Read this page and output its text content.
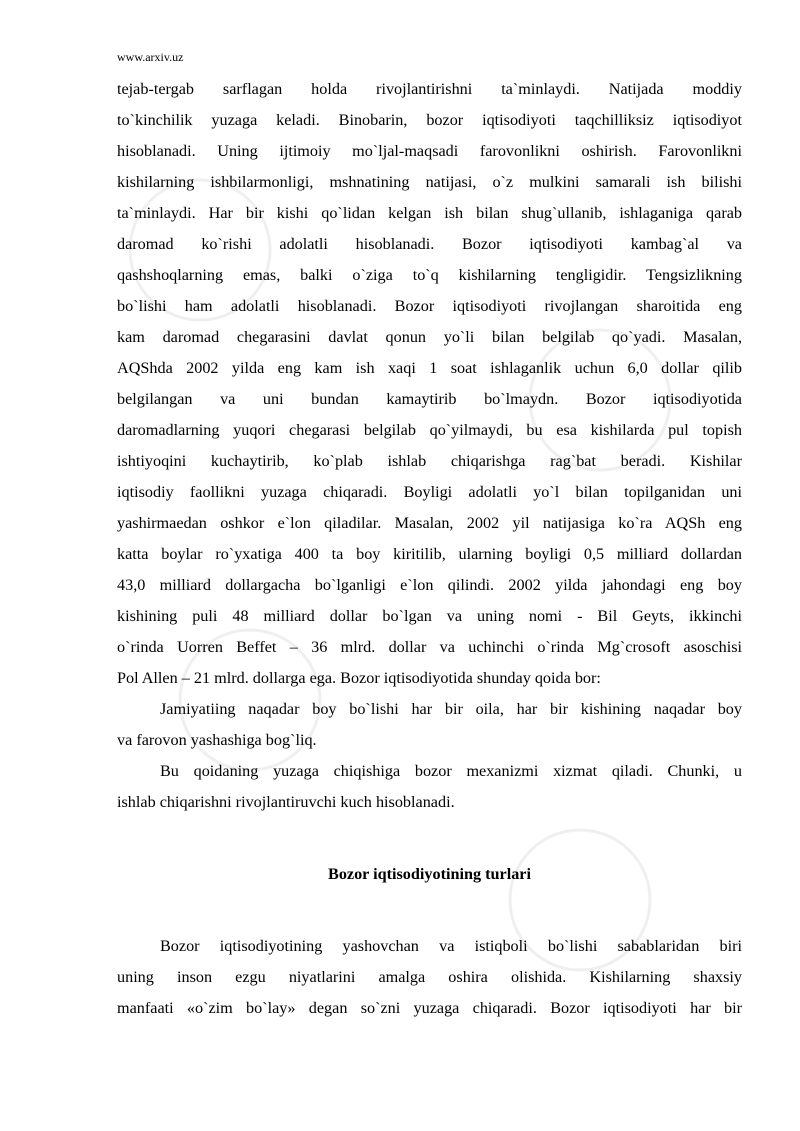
www.arxiv.uz
tejab-tergab sarflagan holda rivojlantirishni ta`minlaydi. Natijada moddiy
to`kinchilik yuzaga keladi. Binobarin, bozor iqtisodiyoti taqchilliksiz iqtisodiyot
hisoblanadi. Uning ijtimoiy mo`ljal-maqsadi farovonlikni oshirish. Farovonlikni
kishilarning ishbilarmonligi, mshnatining natijasi, o`z mulkini samarali ish bilishi
ta`minlaydi. Har bir kishi qo`lidan kelgan ish bilan shug`ullanib, ishlaganiga qarab
daromad ko`rishi adolatli hisoblanadi. Bozor iqtisodiyoti kambag`al va
qashshoqlarning emas, balki o`ziga to`q kishilarning tengligidir. Tengsizlikning
bo`lishi ham adolatli hisoblanadi. Bozor iqtisodiyoti rivojlangan sharoitida eng
kam daromad chegarasini davlat qonun yo`li bilan belgilab qo`yadi. Masalan,
AQShda 2002 yilda eng kam ish xaqi 1 soat ishlaganlik uchun 6,0 dollar qilib
belgilangan va uni bundan kamaytirib bo`lmaydn. Bozor iqtisodiyotida
daromadlarning yuqori chegarasi belgilab qo`yilmaydi, bu esa kishilarda pul topish
ishtiyoqini kuchaytirib, ko`plab ishlab chiqarishga rag`bat beradi. Kishilar
iqtisodiy faollikni yuzaga chiqaradi. Boyligi adolatli yo`l bilan topilganidan uni
yashirmaedan oshkor e`lon qiladilar. Masalan, 2002 yil natijasiga ko`ra AQSh eng
katta boylar ro`yxatiga 400 ta boy kiritilib, ularning boyligi 0,5 milliard dollardan
43,0 milliard dollargacha bo`lganligi e`lon qilindi. 2002 yilda jahondagi eng boy
kishining puli 48 milliard dollar bo`lgan va uning nomi - Bil Geyts, ikkinchi
o`rinda Uorren Beffet – 36 mlrd. dollar va uchinchi o`rinda Mg`crosoft asoschisi
Pol Allen – 21 mlrd. dollarga ega. Bozor iqtisodiyotida shunday qoida bor:
Jamiyatiing naqadar boy bo`lishi har bir oila, har bir kishining naqadar boy
va farovon yashashiga bog`liq.
Bu qoidaning yuzaga chiqishiga bozor mexanizmi xizmat qiladi. Chunki, u
ishlab chiqarishni rivojlantiruvchi kuch hisoblanadi.
Bozor iqtisodiyotining turlari
Bozor iqtisodiyotining yashovchan va istiqboli bo`lishi sabablaridan biri
uning inson ezgu niyatlarini amalga oshira olishida. Kishilarning shaxsiy
manfaati «o`zim bo`lay» degan so`zni yuzaga chiqaradi. Bozor iqtisodiyoti har bir
